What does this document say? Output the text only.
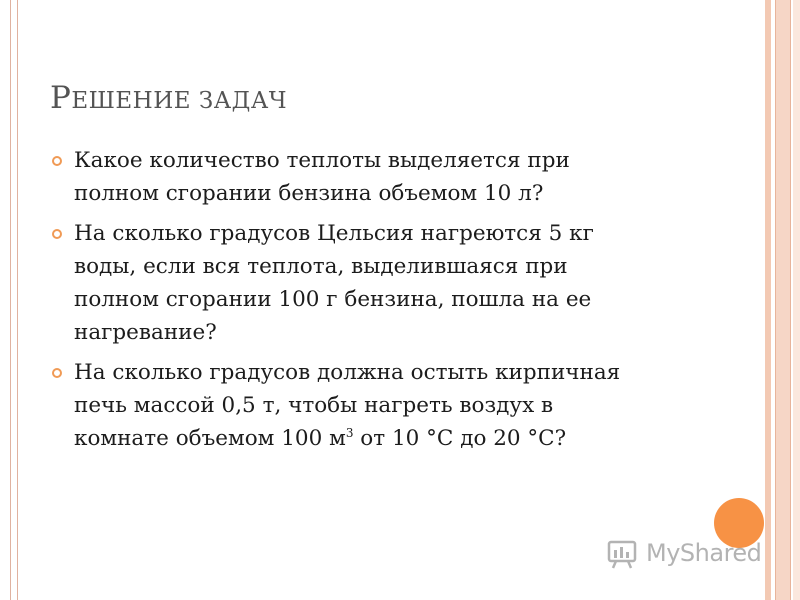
РЕШЕНИЕ ЗАДАЧ
Какое количество теплоты выделяется при
полном сгорании бензина объемом 10 л?
На сколько градусов Цельсия нагреются 5 кг
воды, если вся теплота, выделившаяся при
полном сгорании 100 г бензина, пошла на ее
нагревание?
На сколько градусов должна остыть кирпичная
печь массой 0,5 т, чтобы нагреть воздух в
комнате объемом 100 $м^3$ от 10 °С до 20 °С?
MyShared
